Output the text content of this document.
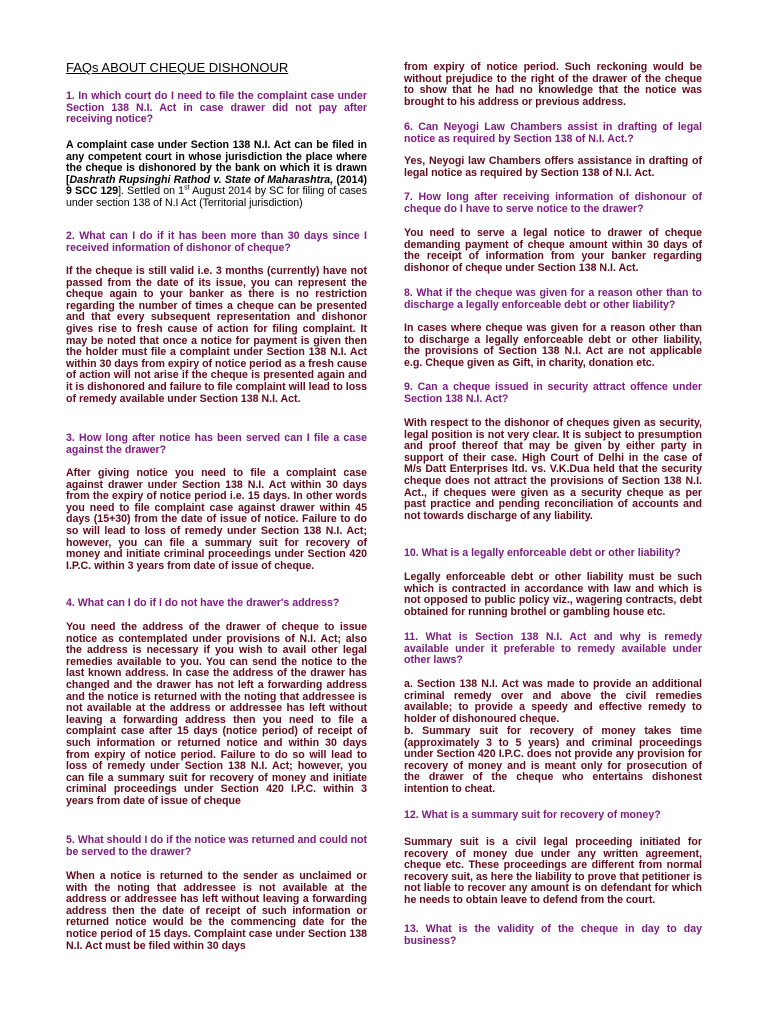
FAQs ABOUT CHEQUE DISHONOUR

1. In which court do I need to file the complaint case under Section 138 N.I. Act in case drawer did not pay after receiving notice?

A complaint case under Section 138 N.I. Act can be filed in any competent court in whose jurisdiction the place where the cheque is dishonored by the bank on which it is drawn [Dashrath Rupsinghi Rathod v. State of Maharashtra, (2014) 9 SCC 129]. Settled on 1st August 2014 by SC for filing of cases under section 138 of N.I Act (Territorial jurisdiction)

2. What can I do if it has been more than 30 days since I received information of dishonor of cheque?

If the cheque is still valid i.e. 3 months (currently) have not passed from the date of its issue, you can represent the cheque again to your banker as there is no restriction regarding the number of times a cheque can be presented and that every subsequent representation and dishonor gives rise to fresh cause of action for filing complaint. It may be noted that once a notice for payment is given then the holder must file a complaint under Section 138 N.I. Act within 30 days from expiry of notice period as a fresh cause of action will not arise if the cheque is presented again and it is dishonored and failure to file complaint will lead to loss of remedy available under Section 138 N.I. Act.

3. How long after notice has been served can I file a case against the drawer?

After giving notice you need to file a complaint case against drawer under Section 138 N.I. Act within 30 days from the expiry of notice period i.e. 15 days. In other words you need to file complaint case against drawer within 45 days (15+30) from the date of issue of notice. Failure to do so will lead to loss of remedy under Section 138 N.I. Act; however, you can file a summary suit for recovery of money and initiate criminal proceedings under Section 420 I.P.C. within 3 years from date of issue of cheque.

4. What can I do if I do not have the drawer's address?

You need the address of the drawer of cheque to issue notice as contemplated under provisions of N.I. Act; also the address is necessary if you wish to avail other legal remedies available to you. You can send the notice to the last known address. In case the address of the drawer has changed and the drawer has not left a forwarding address and the notice is returned with the noting that addressee is not available at the address or addressee has left without leaving a forwarding address then you need to file a complaint case after 15 days (notice period) of receipt of such information or returned notice and within 30 days from expiry of notice period. Failure to do so will lead to loss of remedy under Section 138 N.I. Act; however, you can file a summary suit for recovery of money and initiate criminal proceedings under Section 420 I.P.C. within 3 years from date of issue of cheque

5. What should I do if the notice was returned and could not be served to the drawer?

When a notice is returned to the sender as unclaimed or with the noting that addressee is not available at the address or addressee has left without leaving a forwarding address then the date of receipt of such information or returned notice would be the commencing date for the notice period of 15 days. Complaint case under Section 138 N.I. Act must be filed within 30 days

from expiry of notice period. Such reckoning would be without prejudice to the right of the drawer of the cheque to show that he had no knowledge that the notice was brought to his address or previous address.

6. Can Neyogi Law Chambers assist in drafting of legal notice as required by Section 138 of N.I. Act.?

Yes, Neyogi law Chambers offers assistance in drafting of legal notice as required by Section 138 of N.I. Act.

7. How long after receiving information of dishonour of cheque do I have to serve notice to the drawer?

You need to serve a legal notice to drawer of cheque demanding payment of cheque amount within 30 days of the receipt of information from your banker regarding dishonor of cheque under Section 138 N.I. Act.

8. What if the cheque was given for a reason other than to discharge a legally enforceable debt or other liability?

In cases where cheque was given for a reason other than to discharge a legally enforceable debt or other liability, the provisions of Section 138 N.I. Act are not applicable e.g. Cheque given as Gift, in charity, donation etc.

9. Can a cheque issued in security attract offence under Section 138 N.I. Act?

With respect to the dishonor of cheques given as security, legal position is not very clear. It is subject to presumption and proof thereof that may be given by either party in support of their case. High Court of Delhi in the case of M/s Datt Enterprises ltd. vs. V.K.Dua held that the security cheque does not attract the provisions of Section 138 N.I. Act., if cheques were given as a security cheque as per past practice and pending reconciliation of accounts and not towards discharge of any liability.

10. What is a legally enforceable debt or other liability?

Legally enforceable debt or other liability must be such which is contracted in accordance with law and which is not opposed to public policy viz., wagering contracts, debt obtained for running brothel or gambling house etc.

11. What is Section 138 N.I. Act and why is remedy available under it preferable to remedy available under other laws?

a. Section 138 N.I. Act was made to provide an additional criminal remedy over and above the civil remedies available; to provide a speedy and effective remedy to holder of dishonoured cheque.

b. Summary suit for recovery of money takes time (approximately 3 to 5 years) and criminal proceedings under Section 420 I.P.C. does not provide any provision for recovery of money and is meant only for prosecution of the drawer of the cheque who entertains dishonest intention to cheat.

12. What is a summary suit for recovery of money?

Summary suit is a civil legal proceeding initiated for recovery of money due under any written agreement, cheque etc. These proceedings are different from normal recovery suit, as here the liability to prove that petitioner is not liable to recover any amount is on defendant for which he needs to obtain leave to defend from the court.

13. What is the validity of the cheque in day to day business?
